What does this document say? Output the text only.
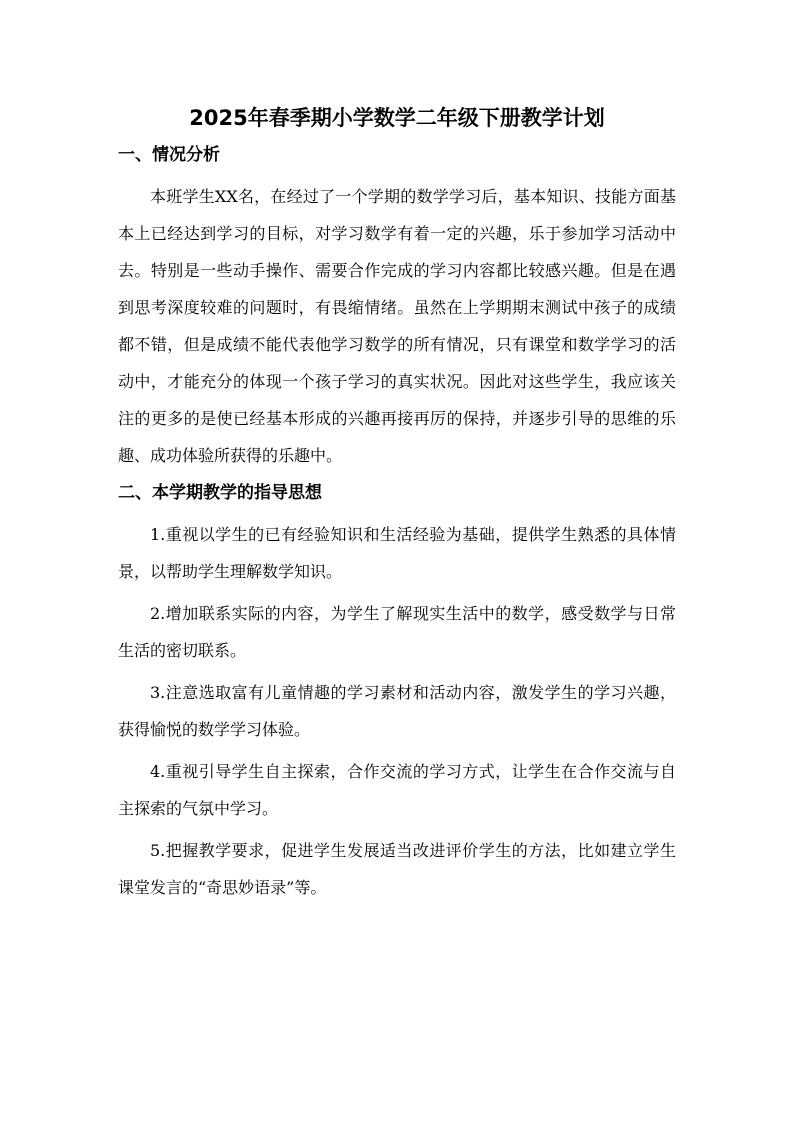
2025年春季期小学数学二年级下册教学计划
一、情况分析

本班学生XX名，在经过了一个学期的数学学习后，基本知识、技能方面基本上已经达到学习的目标，对学习数学有着一定的兴趣，乐于参加学习活动中去。特别是一些动手操作、需要合作完成的学习内容都比较感兴趣。但是在遇到思考深度较难的问题时，有畏缩情绪。虽然在上学期期末测试中孩子的成绩都不错，但是成绩不能代表他学习数学的所有情况，只有课堂和数学学习的活动中，才能充分的体现一个孩子学习的真实状况。因此对这些学生，我应该关注的更多的是使已经基本形成的兴趣再接再厉的保持，并逐步引导的思维的乐趣、成功体验所获得的乐趣中。

二、本学期教学的指导思想

1.重视以学生的已有经验知识和生活经验为基础，提供学生熟悉的具体情景，以帮助学生理解数学知识。

2.增加联系实际的内容，为学生了解现实生活中的数学，感受数学与日常生活的密切联系。

3.注意选取富有儿童情趣的学习素材和活动内容，激发学生的学习兴趣，获得愉悦的数学学习体验。

4.重视引导学生自主探索，合作交流的学习方式，让学生在合作交流与自主探索的气氛中学习。

5.把握教学要求，促进学生发展适当改进评价学生的方法，比如建立学生课堂发言的“奇思妙语录”等。
